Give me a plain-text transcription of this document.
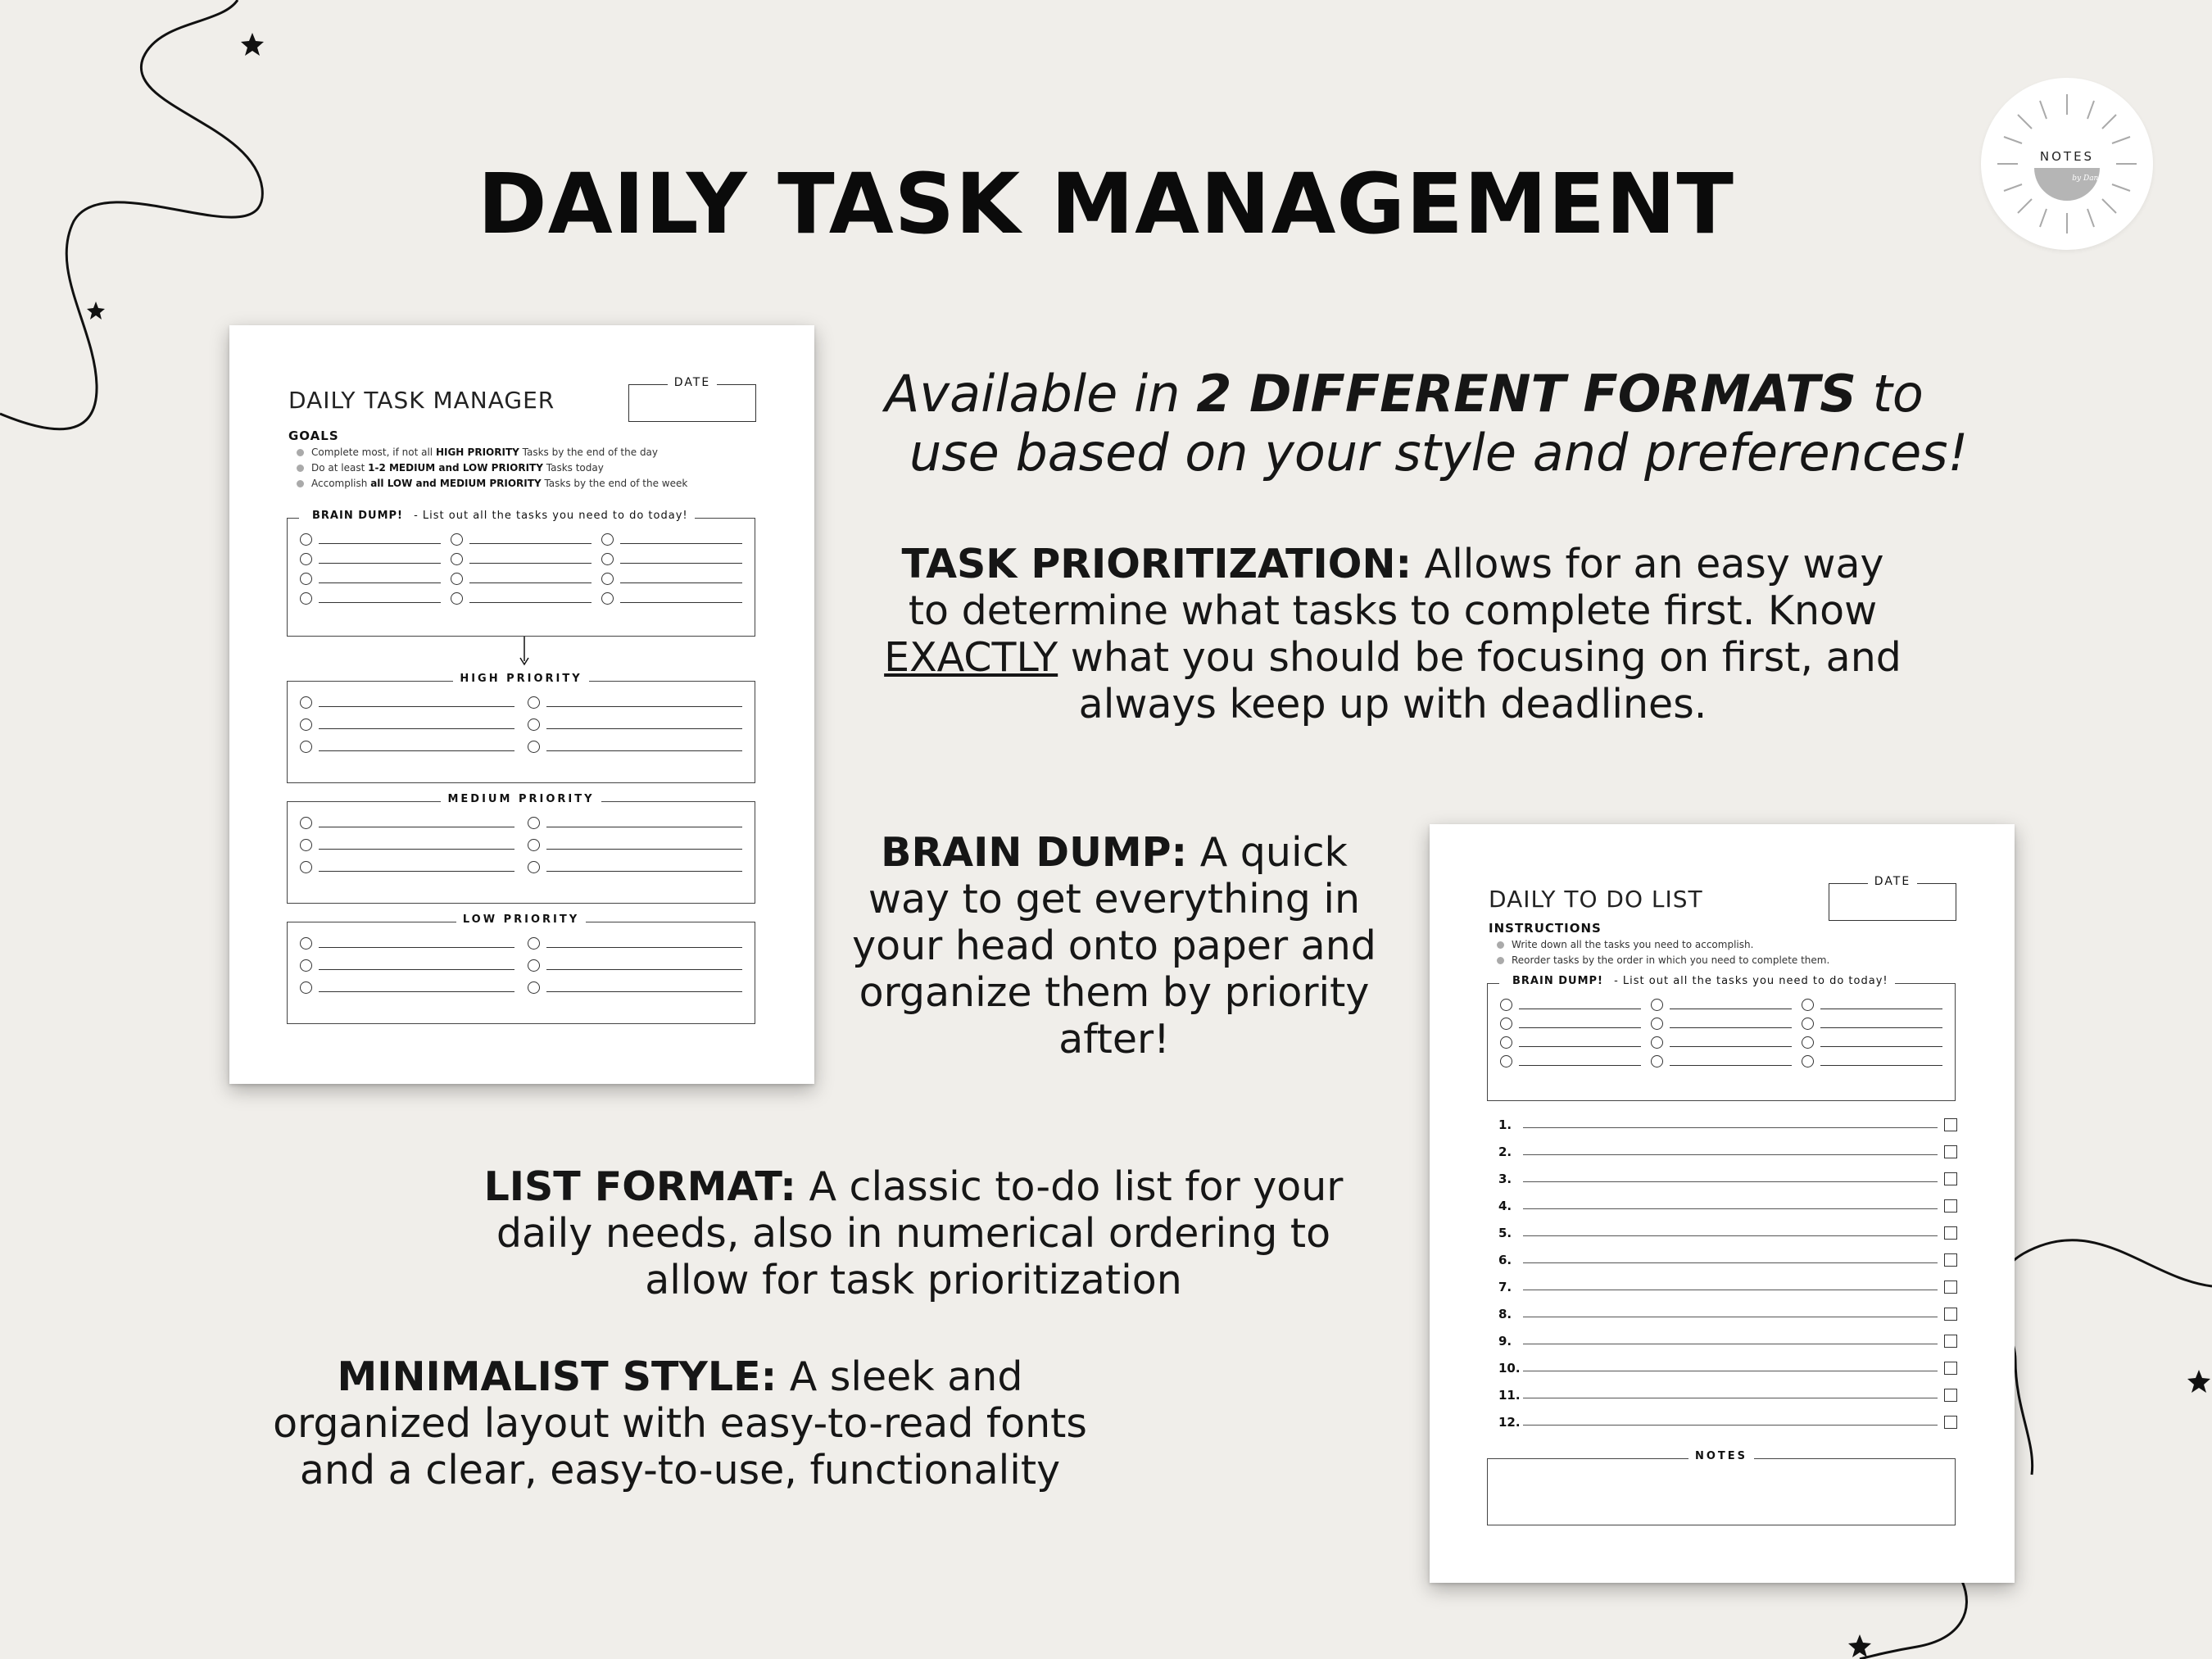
NOTES
by Dana
DAILY TASK MANAGEMENT
Available in 2 DIFFERENT FORMATS to
use based on your style and preferences!
TASK PRIORITIZATION: Allows for an easy way to determine what tasks to complete first. Know EXACTLY what you should be focusing on first, and always keep up with deadlines.
BRAIN DUMP: A quick way to get everything in your head onto paper and organize them by priority after!
LIST FORMAT: A classic to-do list for your daily needs, also in numerical ordering to allow for task prioritization
MINIMALIST STYLE: A sleek and organized layout with easy-to-read fonts and a clear, easy-to-use, functionality
DAILY TASK MANAGER
DATE
GOALS
Complete most, if not all HIGH PRIORITY Tasks by the end of the day
Do at least 1-2 MEDIUM and LOW PRIORITY Tasks today
Accomplish all LOW and MEDIUM PRIORITY Tasks by the end of the week
BRAIN DUMP! - List out all the tasks you need to do today!
HIGH PRIORITY
MEDIUM PRIORITY
LOW PRIORITY
DAILY TO DO LIST
DATE
INSTRUCTIONS
Write down all the tasks you need to accomplish.
Reorder tasks by the order in which you need to complete them.
BRAIN DUMP! - List out all the tasks you need to do today!
1.
2.
3.
4.
5.
6.
7.
8.
9.
10.
11.
12.
NOTES
